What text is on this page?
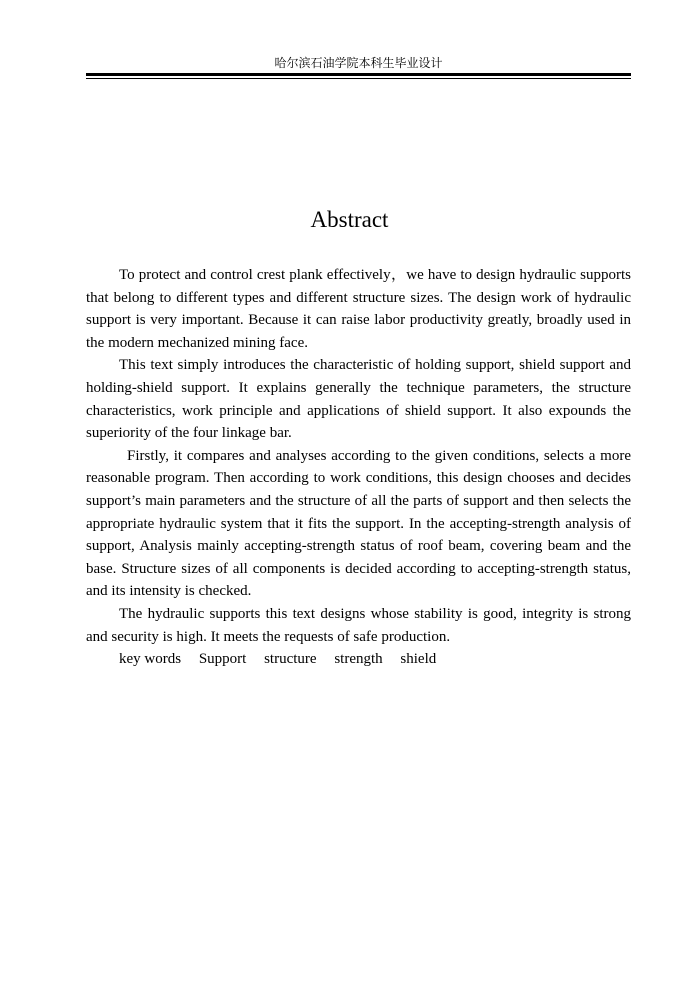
哈尔滨石油学院本科生毕业设计
Abstract

To protect and control crest plank effectively，we have to design hydraulic supports that belong to different types and different structure sizes. The design work of hydraulic support is very important. Because it can raise labor productivity greatly, broadly used in the modern mechanized mining face.

This text simply introduces the characteristic of holding support, shield support and holding-shield support. It explains generally the technique parameters, the structure characteristics, work principle and applications of shield support. It also expounds the superiority of the four linkage bar.

Firstly, it compares and analyses according to the given conditions, selects a more reasonable program. Then according to work conditions, this design chooses and decides support’s main parameters and the structure of all the parts of support and then selects the appropriate hydraulic system that it fits the support. In the accepting-strength analysis of support, Analysis mainly accepting-strength status of roof beam, covering beam and the base. Structure sizes of all components is decided according to accepting-strength status, and its intensity is checked.

The hydraulic supports this text designs whose stability is good, integrity is strong and security is high. It meets the requests of safe production.

key words Support structure strength shield
